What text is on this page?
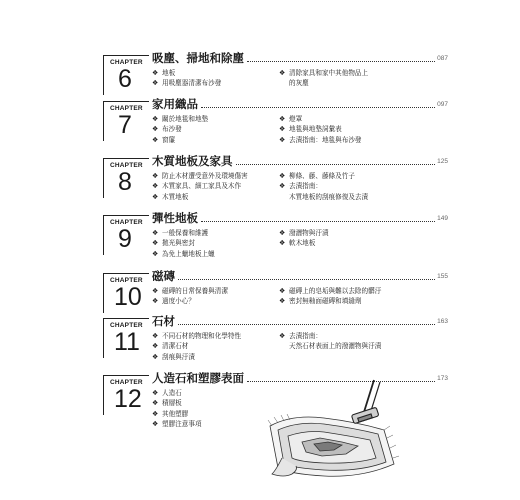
CHAPTER
6
吸塵、掃地和除塵	087
❖ 地板
❖ 用吸塵器清潔布沙發
❖ 清除家具和家中其他物品上
的灰塵
CHAPTER
7
家用織品	097
❖ 關於地毯和地墊
❖ 布沙發
❖ 窗簾
❖ 燈罩
❖ 地毯與地墊詞彙表
❖ 去漬指南：地毯與布沙發
CHAPTER
8
木質地板及家具	125
❖ 防止木材遭受意外及環境傷害
❖ 木質家具、細工家具及木作
❖ 木質地板
❖ 柳條、藤、藤條及竹子
❖ 去漬指南：
木質地板的刮痕修復及去漬
CHAPTER
9
彈性地板	149
❖ 一般保養和維護
❖ 拋光與密封
❖ 為免上蠟地板上蠟
❖ 潑灑物與汙漬
❖ 軟木地板
CHAPTER
10
磁磚	155
❖ 磁磚的日常保養與清潔
❖ 過度小心？
❖ 磁磚上的皂垢與難以去除的髒汙
❖ 密封無釉面磁磚和填縫劑
CHAPTER
11
石材	163
❖ 不同石材的物理和化學特性
❖ 清潔石材
❖ 刮痕與汙漬
❖ 去漬指南：
天然石材表面上的潑灑物與汙漬
CHAPTER
12
人造石和塑膠表面	173
❖ 人造石
❖ 積層板
❖ 其他塑膠
❖ 塑膠注意事項
